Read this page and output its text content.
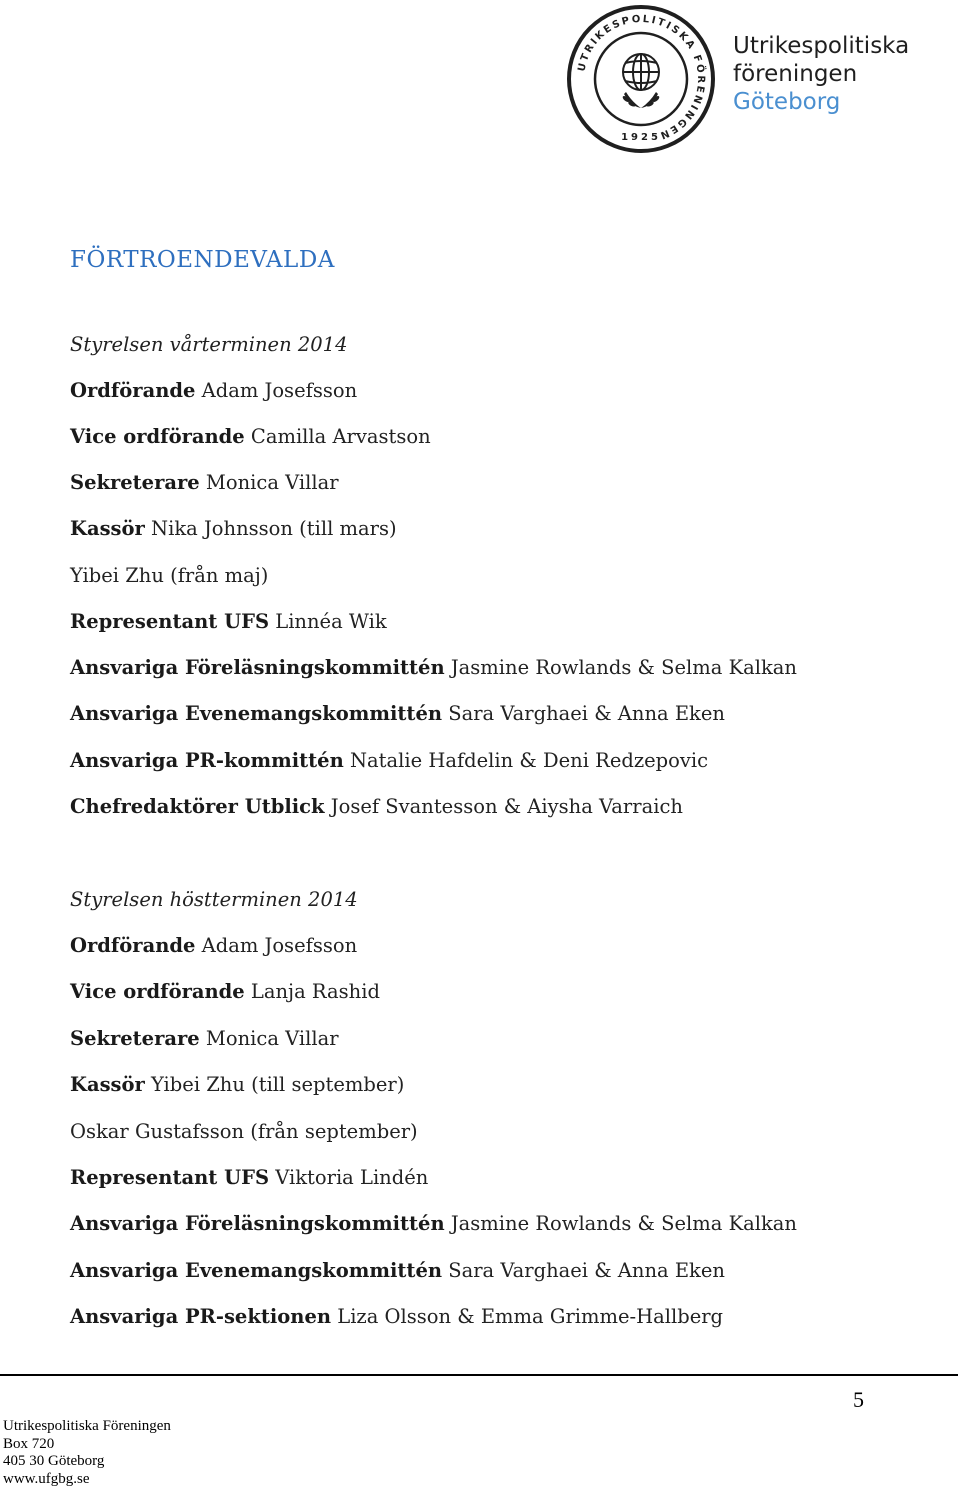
UTRIKESPOLITISKA FÖRENINGEN
1925
Utrikespolitiska
föreningen
Göteborg
FÖRTROENDEVALDA
Styrelsen vårterminen 2014
Ordförande Adam Josefsson
Vice ordförande Camilla Arvastson
Sekreterare Monica Villar
Kassör Nika Johnsson (till mars)
Yibei Zhu (från maj)
Representant UFS Linnéa Wik
Ansvariga Föreläsningskommittén Jasmine Rowlands & Selma Kalkan
Ansvariga Evenemangskommittén Sara Varghaei & Anna Eken
Ansvariga PR-kommittén Natalie Hafdelin & Deni Redzepovic
Chefredaktörer Utblick Josef Svantesson & Aiysha Varraich
Styrelsen höstterminen 2014
Ordförande Adam Josefsson
Vice ordförande Lanja Rashid
Sekreterare Monica Villar
Kassör Yibei Zhu (till september)
Oskar Gustafsson (från september)
Representant UFS Viktoria Lindén
Ansvariga Föreläsningskommittén Jasmine Rowlands & Selma Kalkan
Ansvariga Evenemangskommittén Sara Varghaei & Anna Eken
Ansvariga PR-sektionen Liza Olsson & Emma Grimme-Hallberg
5
Utrikespolitiska Föreningen
Box 720
405 30 Göteborg
www.ufgbg.se
